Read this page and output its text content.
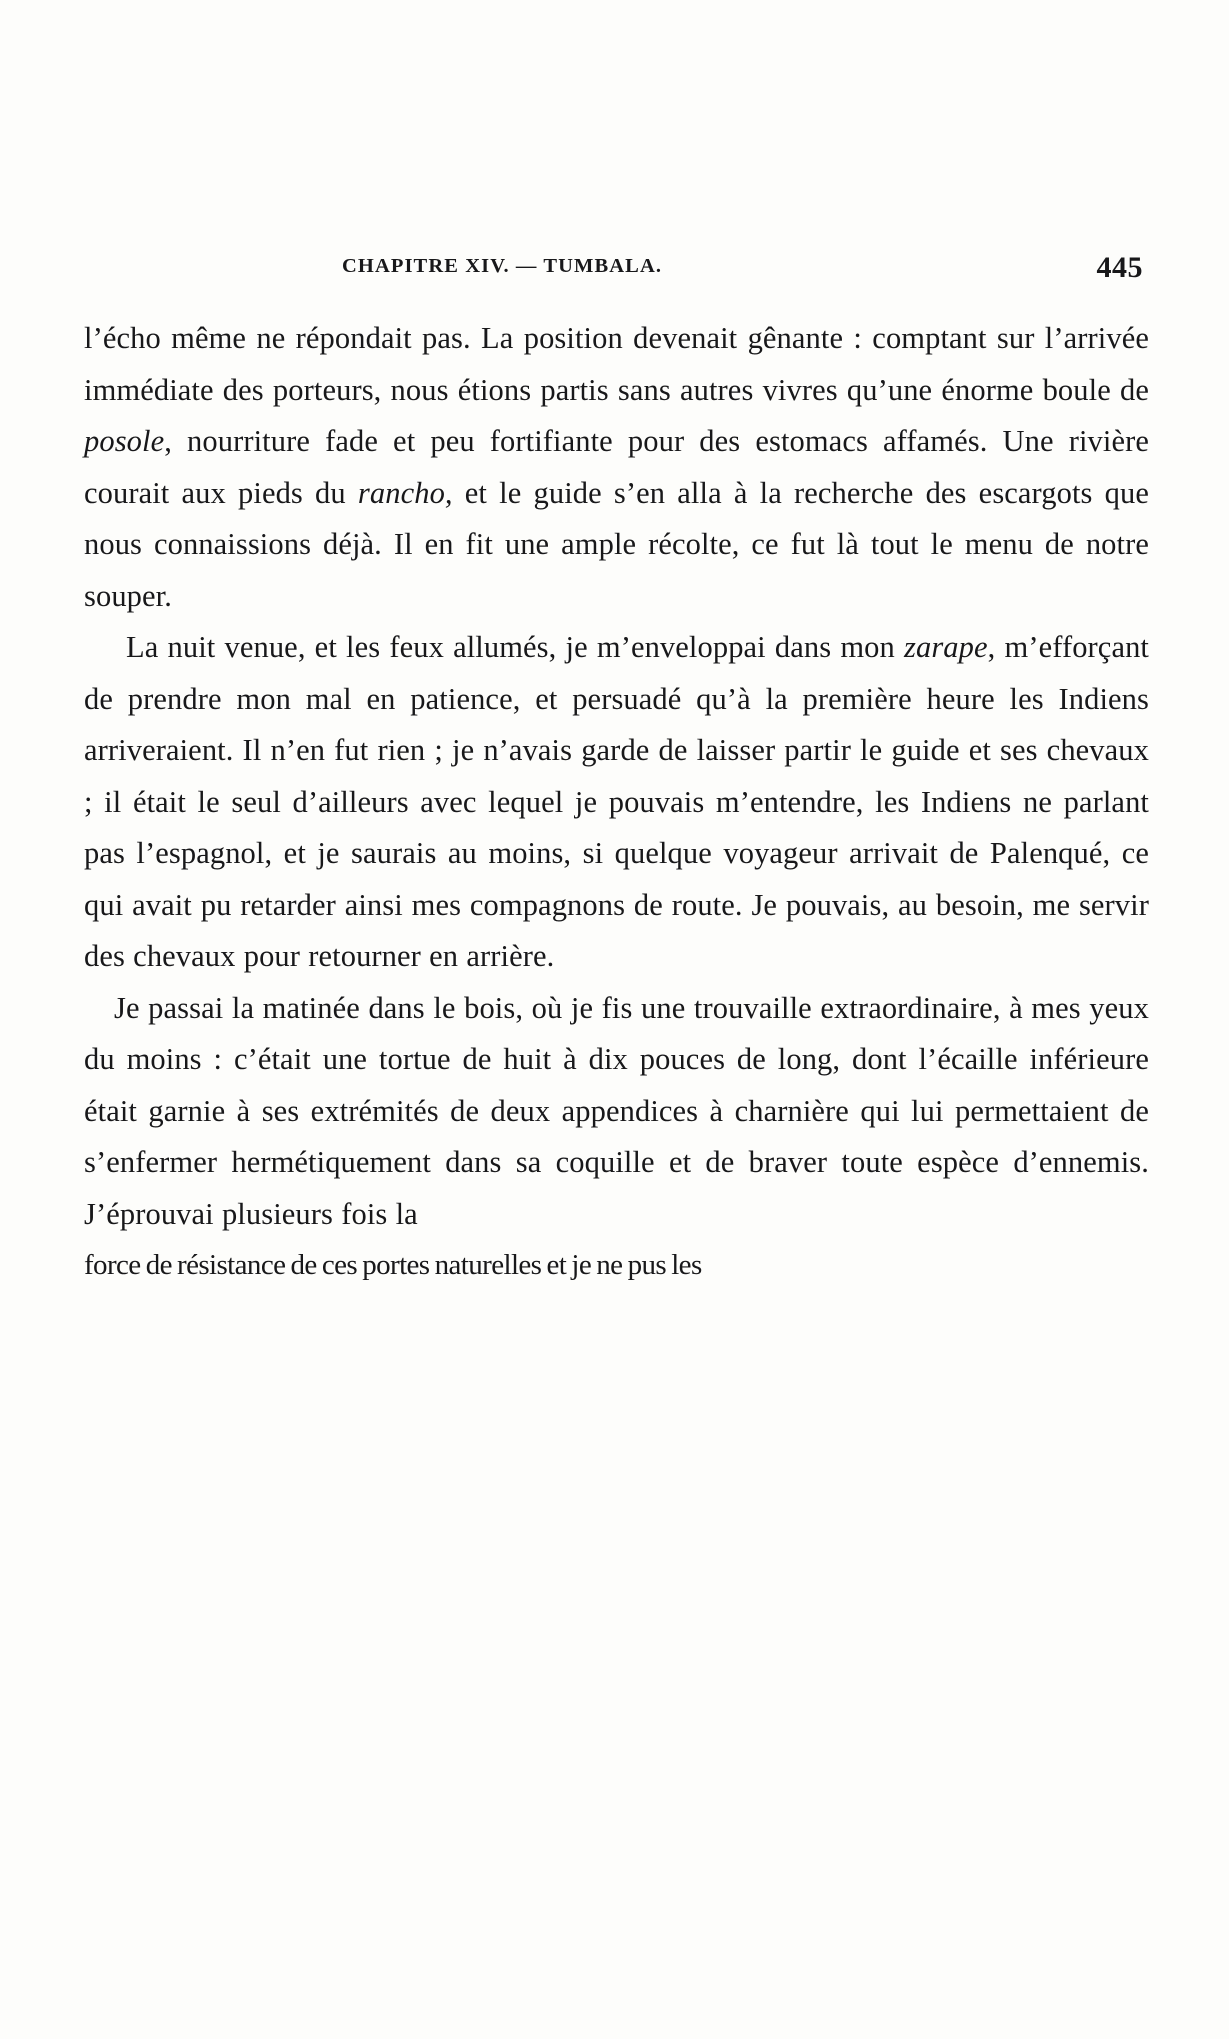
CHAPITRE XIV. — TUMBALA.	445

l’écho même ne répondait pas. La position devenait gênante : comptant sur l’arrivée immédiate des porteurs, nous étions partis sans autres vivres qu’une énorme boule de posole, nourriture fade et peu fortifiante pour des estomacs affamés. Une rivière courait aux pieds du rancho, et le guide s’en alla à la recherche des escargots que nous connaissions déjà. Il en fit une ample récolte, ce fut là tout le menu de notre souper.

La nuit venue, et les feux allumés, je m’enveloppai dans mon zarape, m’efforçant de prendre mon mal en patience, et persuadé qu’à la première heure les Indiens arriveraient. Il n’en fut rien ; je n’avais garde de laisser partir le guide et ses chevaux ; il était le seul d’ailleurs avec lequel je pouvais m’entendre, les Indiens ne parlant pas l’espagnol, et je saurais au moins, si quelque voyageur arrivait de Palenqué, ce qui avait pu retarder ainsi mes compagnons de route. Je pouvais, au besoin, me servir des chevaux pour retourner en arrière.

Je passai la matinée dans le bois, où je fis une trouvaille extraordinaire, à mes yeux du moins : c’était une tortue de huit à dix pouces de long, dont l’écaille inférieure était garnie à ses extrémités de deux appendices à charnière qui lui permettaient de s’enfermer hermétiquement dans sa coquille et de braver toute espèce d’ennemis. J’éprouvai plusieurs fois la

force de résistance de ces portes naturelles et je ne pus les
